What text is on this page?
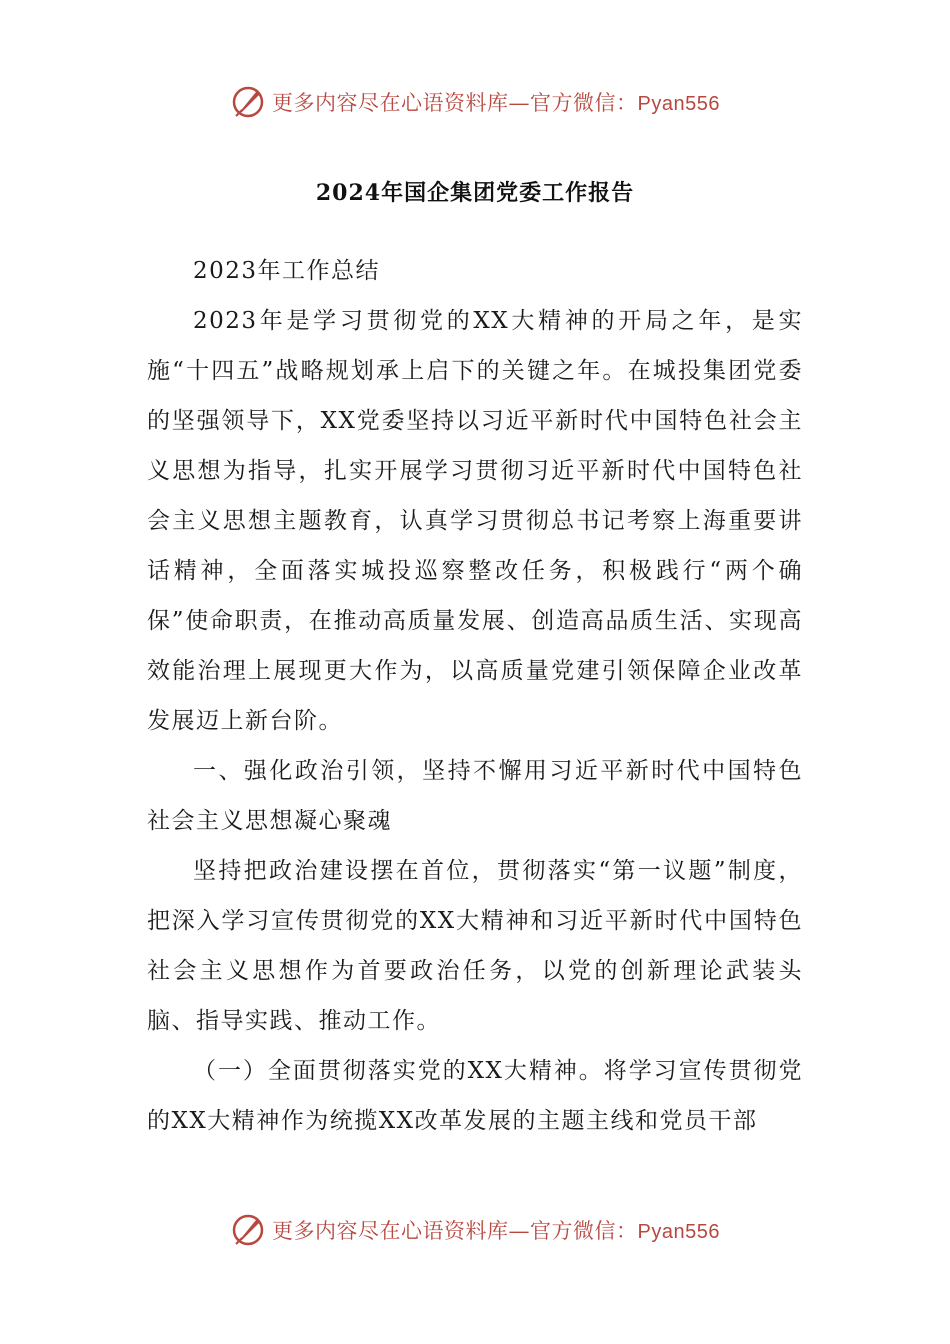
更多内容尽在心语资料库—官方微信：Pyan556
2024年国企集团党委工作报告

2023年工作总结

2023年是学习贯彻党的XX大精神的开局之年，是实施“十四五”战略规划承上启下的关键之年。在城投集团党委的坚强领导下，XX党委坚持以习近平新时代中国特色社会主义思想为指导，扎实开展学习贯彻习近平新时代中国特色社会主义思想主题教育，认真学习贯彻总书记考察上海重要讲话精神，全面落实城投巡察整改任务，积极践行“两个确保”使命职责，在推动高质量发展、创造高品质生活、实现高效能治理上展现更大作为，以高质量党建引领保障企业改革发展迈上新台阶。

一、强化政治引领，坚持不懈用习近平新时代中国特色社会主义思想凝心聚魂

坚持把政治建设摆在首位，贯彻落实“第一议题”制度，把深入学习宣传贯彻党的XX大精神和习近平新时代中国特色社会主义思想作为首要政治任务，以党的创新理论武装头脑、指导实践、推动工作。

（一）全面贯彻落实党的XX大精神。将学习宣传贯彻党的XX大精神作为统揽XX改革发展的主题主线和党员干部

更多内容尽在心语资料库—官方微信：Pyan556
